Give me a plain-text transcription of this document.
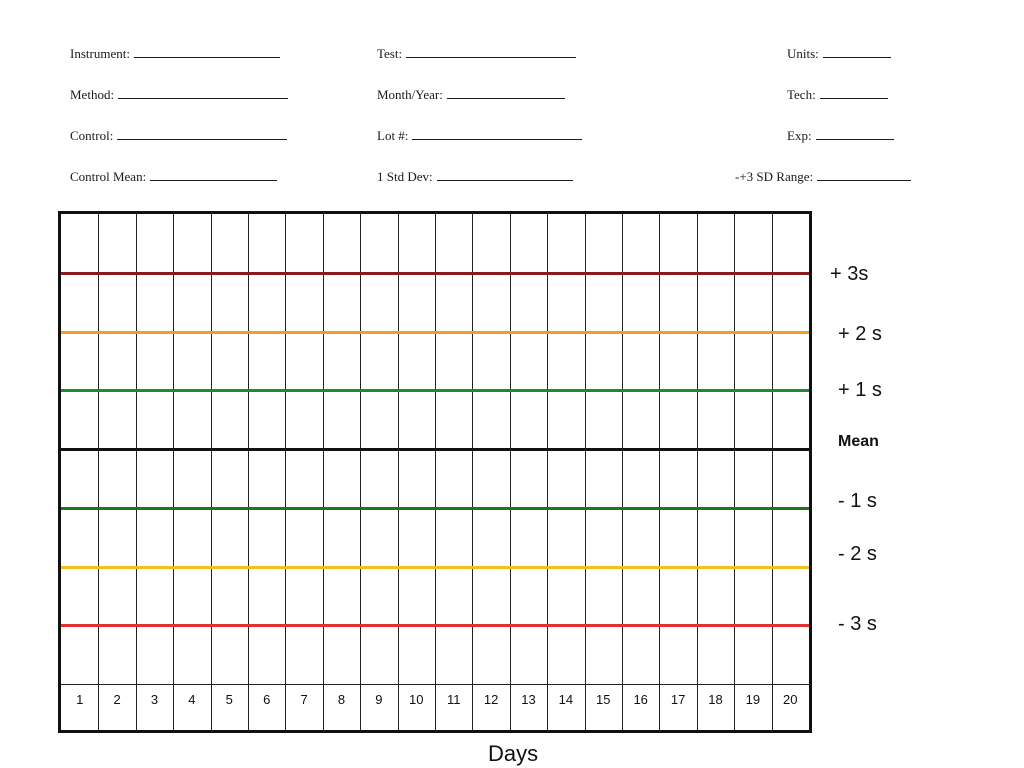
Instrument:	Test:	Units:
Method:	Month/Year:	Tech:
Control:	Lot #:	Exp:
Control Mean:	1 Std Dev:	-+3 SD Range:
1	2	3	4	5	6	7	8	9	10	11	12	13	14	15	16	17	18	19	20
+ 3s
+ 2 s
+ 1 s
Mean
- 1 s
- 2 s
- 3 s
Days
